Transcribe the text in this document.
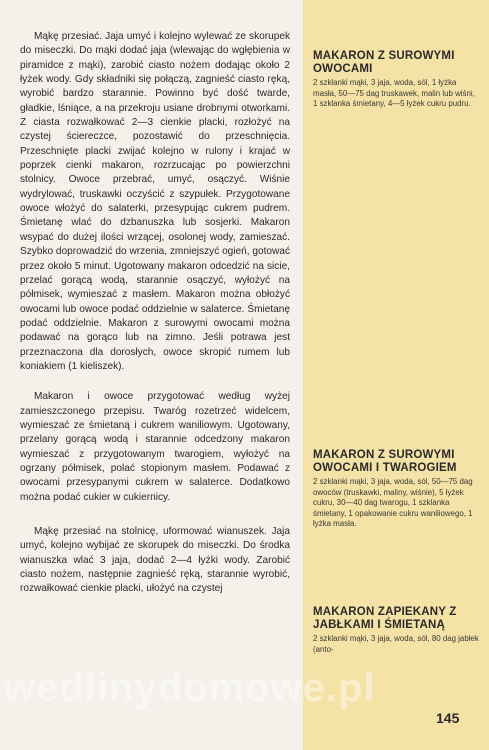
Mąkę przesiać. Jaja umyć i kolejno wylewać ze skorupek do miseczki. Do mąki dodać jaja (wlewając do wgłębienia w piramidce z mąki), zarobić ciasto nożem dodając około 2 łyżek wody. Gdy składniki się połączą, zagnieść ciasto ręką, wyrobić bardzo starannie. Powinno być dość twarde, gładkie, lśniące, a na przekroju usiane drobnymi otworkami. Z ciasta rozwałkować 2—3 cienkie placki, rozłożyć na czystej ściereczce, pozostawić do przeschnięcia. Przeschnięte placki zwijać kolejno w rulony i krajać w poprzek cienki makaron, rozrzucając po powierzchni stolnicy. Owoce przebrać, umyć, osączyć. Wiśnie wydrylować, truskawki oczyścić z szypułek. Przygotowane owoce włożyć do salaterki, przesypując cukrem pudrem. Śmietanę wlać do dzbanuszka lub sosjerki. Makaron wsypać do dużej ilości wrzącej, osolonej wody, zamieszać. Szybko doprowadzić do wrzenia, zmniejszyć ogień, gotować przez około 5 minut. Ugotowany makaron odcedzić na sicie, przelać gorącą wodą, starannie osączyć, wyłożyć na półmisek, wymieszać z masłem. Makaron można obłożyć owocami lub owoce podać oddzielnie w salaterce. Śmietanę podać oddzielnie. Makaron z surowymi owocami można podawać na gorąco lub na zimno. Jeśli potrawa jest przeznaczona dla dorosłych, owoce skropić rumem lub koniakiem (1 kieliszek).

Makaron i owoce przygotować według wyżej zamieszczonego przepisu. Twaróg rozetrzeć widelcem, wymieszać ze śmietaną i cukrem waniliowym. Ugotowany, przelany gorącą wodą i starannie odcedzony makaron wymieszać z przygotowanym twarogiem, wyłożyć na ogrzany półmisek, polać stopionym masłem. Podawać z owocami przesypanymi cukrem w salaterce. Dodatkowo można podać cukier w cukiernicy.

Mąkę przesiać na stolnicę, uformować wianuszek. Jaja umyć, kolejno wybijać ze skorupek do miseczki. Do środka wianuszka wlać 3 jaja, dodać 2—4 łyżki wody. Zarobić ciasto nożem, następnie zagnieść ręką, starannie wyrobić, rozwałkować cienkie placki, ułożyć na czystej

MAKARON Z SUROWYMI OWOCAMI

2 szklanki mąki, 3 jaja, woda, sól, 1 łyżka masła, 50—75 dag truskawek, malin lub wiśni, 1 szklanka śmietany, 4—5 łyżek cukru pudru.

MAKARON Z SUROWYMI OWOCAMI I TWAROGIEM

2 szklanki mąki, 3 jaja, woda, sól, 50—75 dag owoców (truskawki, maliny, wiśnie), 5 łyżek cukru, 30—40 dag twarogu, 1 szklanka śmietany, 1 opakowanie cukru waniliowego, 1 łyżka masła.

MAKARON ZAPIEKANY Z JABŁKAMI I ŚMIETANĄ

2 szklanki mąki, 3 jaja, woda, sól, 80 dag jabłek (anto-

wedlinydomowe.pl
145
